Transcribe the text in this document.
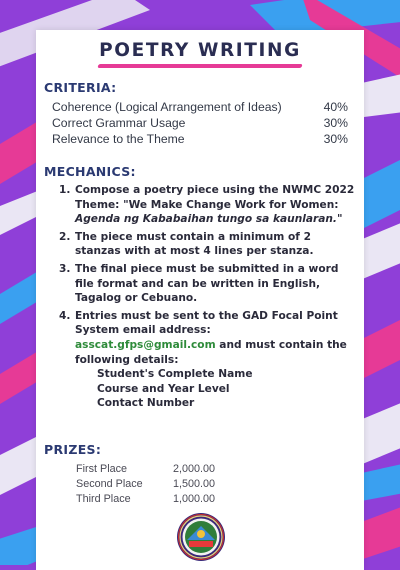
POETRY WRITING
CRITERIA:
Coherence (Logical Arrangement of Ideas)	40%
Correct Grammar Usage	30%
Relevance to the Theme	30%
MECHANICS:
1. Compose a poetry piece using the NWMC 2022 Theme: "We Make Change Work for Women: Agenda ng Kababaihan tungo sa kaunlaran."
2. The piece must contain a minimum of 2 stanzas with at most 4 lines per stanza.
3. The final piece must be submitted in a word file format and can be written in English, Tagalog or Cebuano.
4. Entries must be sent to the GAD Focal Point System email address:
asscat.gfps@gmail.com and must contain the following details:
Student's Complete Name
Course and Year Level
Contact Number
PRIZES:
First Place	2,000.00
Second Place	1,500.00
Third Place	1,000.00
